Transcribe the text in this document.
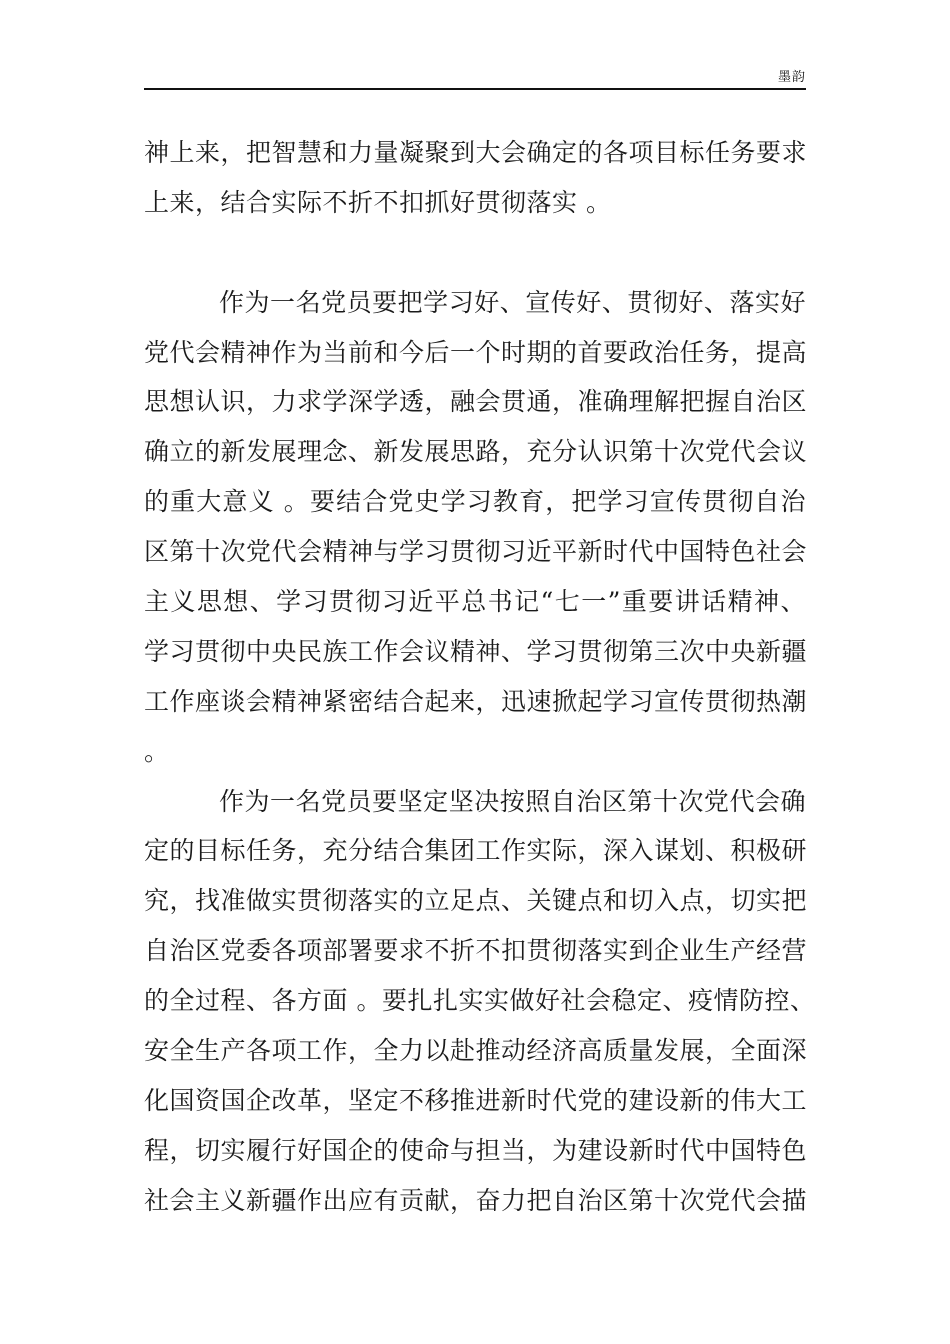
墨韵
神上来，把智慧和力量凝聚到大会确定的各项目标任务要求
上来，结合实际不折不扣抓好贯彻落实 。
作为一名党员要把学习好、宣传好、贯彻好、落实好
党代会精神作为当前和今后一个时期的首要政治任务，提高
思想认识，力求学深学透，融会贯通，准确理解把握自治区
确立的新发展理念、新发展思路，充分认识第十次党代会议
的重大意义 。要结合党史学习教育，把学习宣传贯彻自治
区第十次党代会精神与学习贯彻习近平新时代中国特色社会
主义思想、学习贯彻习近平总书记“七一”重要讲话精神、
学习贯彻中央民族工作会议精神、学习贯彻第三次中央新疆
工作座谈会精神紧密结合起来，迅速掀起学习宣传贯彻热潮
。
作为一名党员要坚定坚决按照自治区第十次党代会确
定的目标任务，充分结合集团工作实际，深入谋划、积极研
究，找准做实贯彻落实的立足点、关键点和切入点，切实把
自治区党委各项部署要求不折不扣贯彻落实到企业生产经营
的全过程、各方面 。要扎扎实实做好社会稳定、疫情防控、
安全生产各项工作，全力以赴推动经济高质量发展，全面深
化国资国企改革，坚定不移推进新时代党的建设新的伟大工
程，切实履行好国企的使命与担当，为建设新时代中国特色
社会主义新疆作出应有贡献，奋力把自治区第十次党代会描
